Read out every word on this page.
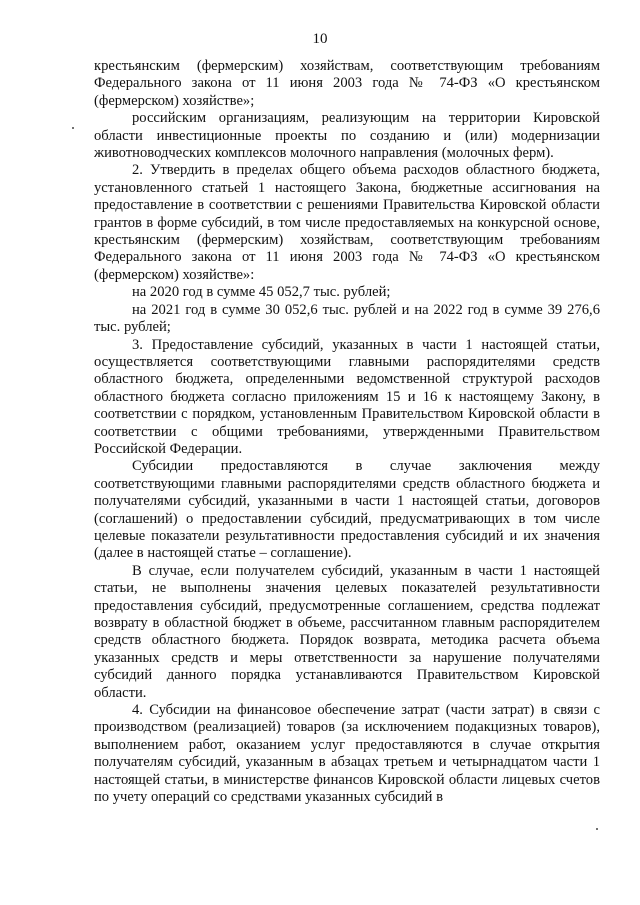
10

крестьянским (фермерским) хозяйствам, соответствующим требованиям Федерального закона от 11 июня 2003 года № 74-ФЗ «О крестьянском (фермерском) хозяйстве»;

российским организациям, реализующим на территории Кировской области инвестиционные проекты по созданию и (или) модернизации животноводческих комплексов молочного направления (молочных ферм).

2. Утвердить в пределах общего объема расходов областного бюджета, установленного статьей 1 настоящего Закона, бюджетные ассигнования на предоставление в соответствии с решениями Правительства Кировской области грантов в форме субсидий, в том числе предоставляемых на конкурсной основе, крестьянским (фермерским) хозяйствам, соответствующим требованиям Федерального закона от 11 июня 2003 года № 74-ФЗ «О крестьянском (фермерском) хозяйстве»:

на 2020 год в сумме 45 052,7 тыс. рублей;

на 2021 год в сумме 30 052,6 тыс. рублей и на 2022 год в сумме 39 276,6 тыс. рублей;

3. Предоставление субсидий, указанных в части 1 настоящей статьи, осуществляется соответствующими главными распорядителями средств областного бюджета, определенными ведомственной структурой расходов областного бюджета согласно приложениям 15 и 16 к настоящему Закону, в соответствии с порядком, установленным Правительством Кировской области в соответствии с общими требованиями, утвержденными Правительством Российской Федерации.

Субсидии предоставляются в случае заключения между соответствующими главными распорядителями средств областного бюджета и получателями субсидий, указанными в части 1 настоящей статьи, договоров (соглашений) о предоставлении субсидий, предусматривающих в том числе целевые показатели результативности предоставления субсидий и их значения (далее в настоящей статье – соглашение).

В случае, если получателем субсидий, указанным в части 1 настоящей статьи, не выполнены значения целевых показателей результативности предоставления субсидий, предусмотренные соглашением, средства подлежат возврату в областной бюджет в объеме, рассчитанном главным распорядителем средств областного бюджета. Порядок возврата, методика расчета объема указанных средств и меры ответственности за нарушение получателями субсидий данного порядка устанавливаются Правительством Кировской области.

4. Субсидии на финансовое обеспечение затрат (части затрат) в связи с производством (реализацией) товаров (за исключением подакцизных товаров), выполнением работ, оказанием услуг предоставляются в случае открытия получателям субсидий, указанным в абзацах третьем и четырнадцатом части 1 настоящей статьи, в министерстве финансов Кировской области лицевых счетов по учету операций со средствами указанных субсидий в
